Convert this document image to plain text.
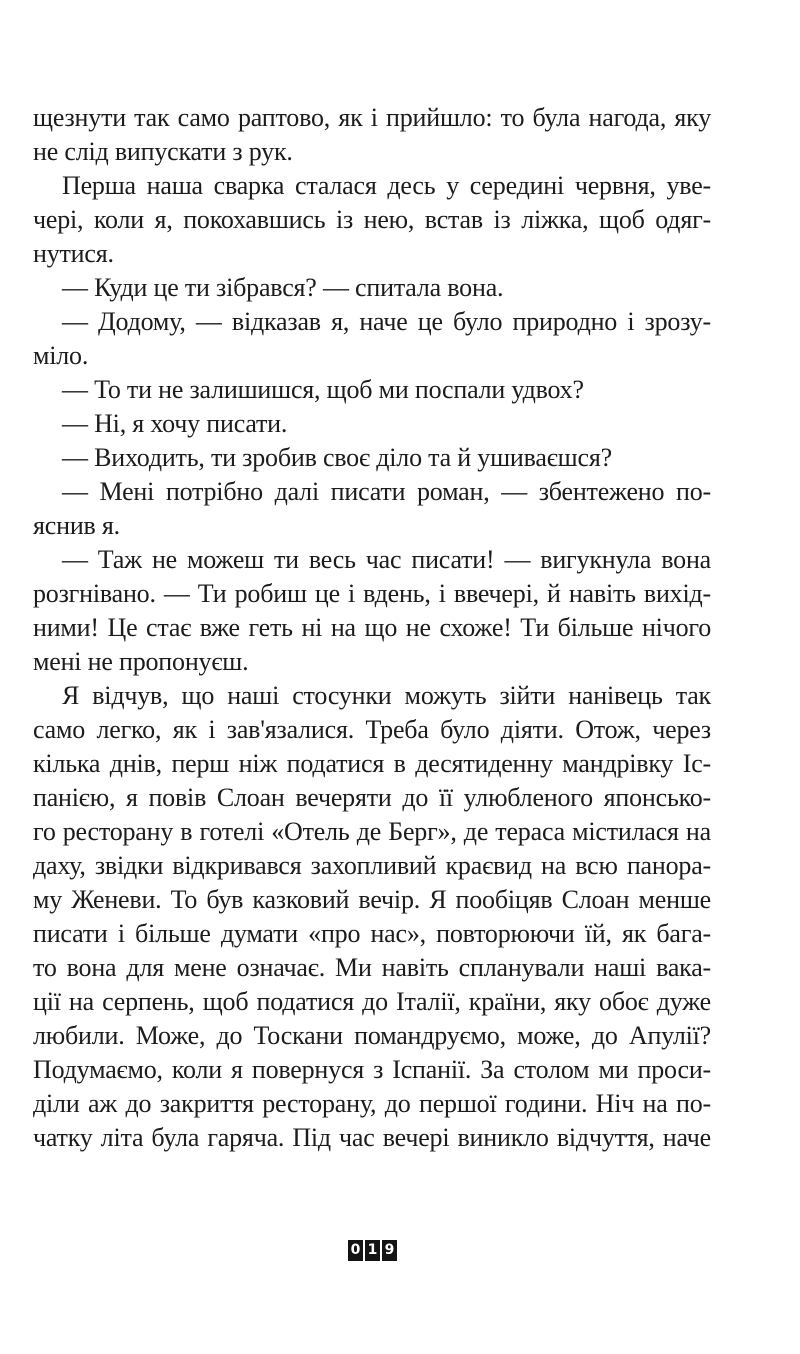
щезнути так само раптово, як і прийшло: то була нагода, яку
не слід випускати з рук.
Перша наша сварка сталася десь у середині червня, уве-
чері, коли я, покохавшись із нею, встав із ліжка, щоб одяг-
нутися.
— Куди це ти зібрався? — спитала вона.
— Додому, — відказав я, наче це було природно і зрозу-
міло.
— То ти не залишишся, щоб ми поспали удвох?
— Ні, я хочу писати.
— Виходить, ти зробив своє діло та й ушиваєшся?
— Мені потрібно далі писати роман, — збентежено по-
яснив я.
— Таж не можеш ти весь час писати! — вигукнула вона
розгнівано. — Ти робиш це і вдень, і ввечері, й навіть вихід-
ними! Це стає вже геть ні на що не схоже! Ти більше нічого
мені не пропонуєш.
Я відчув, що наші стосунки можуть зійти нанівець так
само легко, як і зав'язалися. Треба було діяти. Отож, через
кілька днів, перш ніж податися в десятиденну мандрівку Іс-
панією, я повів Слоан вечеряти до її улюбленого японсько-
го ресторану в готелі «Отель де Берг», де тераса містилася на
даху, звідки відкривався захопливий краєвид на всю панора-
му Женеви. То був казковий вечір. Я пообіцяв Слоан менше
писати і більше думати «про нас», повторюючи їй, як бага-
то вона для мене означає. Ми навіть спланували наші вака-
ції на серпень, щоб податися до Італії, країни, яку обоє дуже
любили. Може, до Тоскани помандруємо, може, до Апулії?
Подумаємо, коли я повернуся з Іспанії. За столом ми проси-
діли аж до закриття ресторану, до першої години. Ніч на по-
чатку літа була гаряча. Під час вечері виникло відчуття, наче
0 1 9
